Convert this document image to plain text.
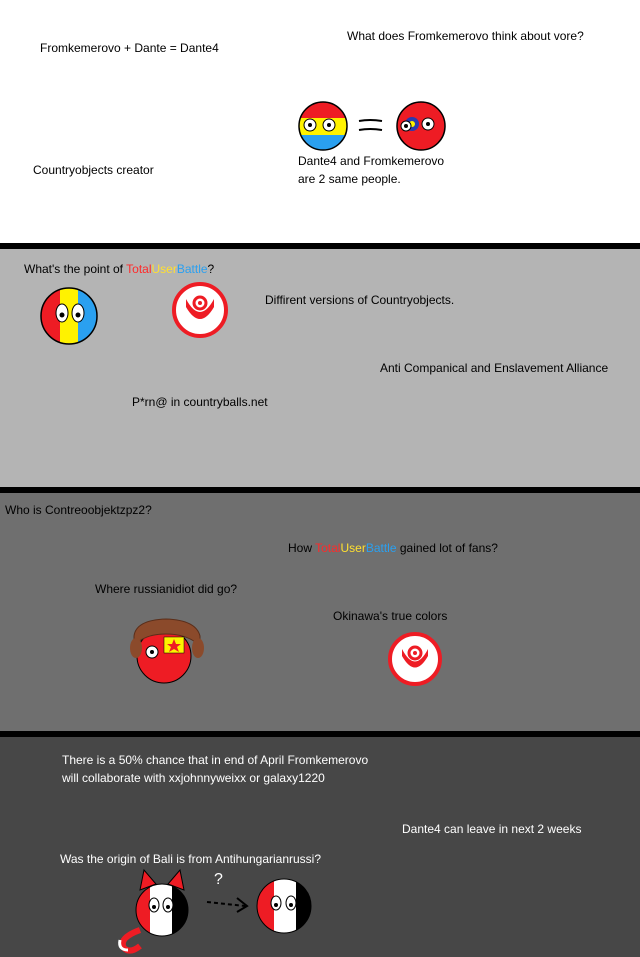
Fromkemerovo + Dante = Dante4
What does Fromkemerovo think about vore?
Countryobjects creator
Dante4 and Fromkemerovo
are 2 same people.
What's the point of TotalUserBattle?
Diffirent versions of Countryobjects.
Anti Companical and Enslavement Alliance
P*rn@ in countryballs.net
Who is Contreoobjektzpz2?
How TotalUserBattle gained lot of fans?
Where russianidiot did go?
Okinawa's true colors
There is a 50% chance that in end of April Fromkemerovo
will collaborate with xxjohnnyweixx or galaxy1220
Dante4 can leave in next 2 weeks
Was the origin of Bali is from Antihungarianrussi?
?
